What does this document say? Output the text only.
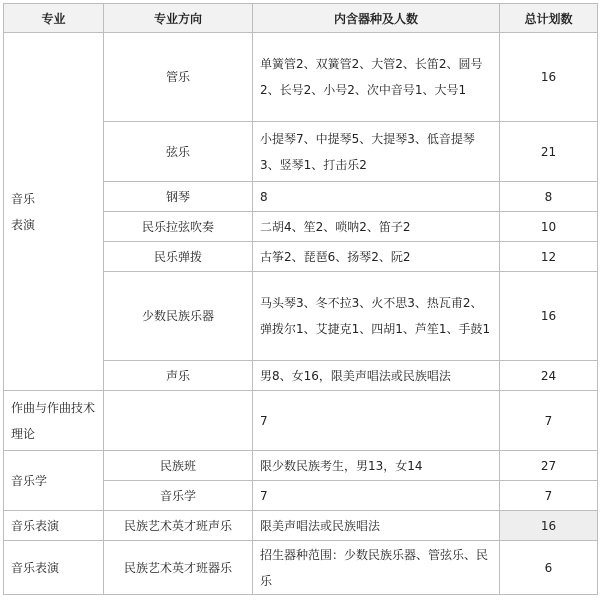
专业	专业方向	内含器种及人数	总计划数
音乐
表演	管乐	单簧管2、双簧管2、大管2、长笛2、圆号2、长号2、小号2、次中音号1、大号1	16
	弦乐	小提琴7、中提琴5、大提琴3、低音提琴3、竖琴1、打击乐2	21
	钢琴	8	8
	民乐拉弦吹奏	二胡4、笙2、唢呐2、笛子2	10
	民乐弹拨	古筝2、琵琶6、扬琴2、阮2	12
	少数民族乐器	马头琴3、冬不拉3、火不思3、热瓦甫2、弹拨尔1、艾捷克1、四胡1、芦笙1、手鼓1	16
	声乐	男8、女16，限美声唱法或民族唱法	24
作曲与作曲技术理论		7	7
音乐学	民族班	限少数民族考生，男13，女14	27
	音乐学	7	7
音乐表演	民族艺术英才班声乐	限美声唱法或民族唱法	16
音乐表演	民族艺术英才班器乐	招生器种范围：少数民族乐器、管弦乐、民乐	6
